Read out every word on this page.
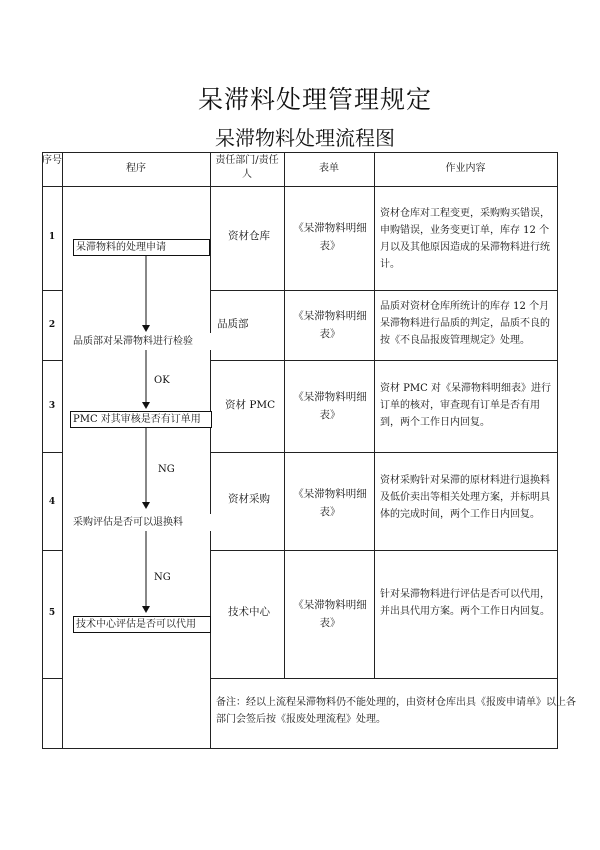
呆滞料处理管理规定
呆滞物料处理流程图
序号
程序
责任部门/责任人
表单	作业内容
1
2
3
4
5
资材仓库
品质部
资材 PMC
资材采购
技术中心
《呆滞物料明细表》
《呆滞物料明细表》
《呆滞物料明细表》
《呆滞物料明细表》
《呆滞物料明细表》
资材仓库对工程变更，采购购买错误，申购错误，业务变更订单，库存 12 个月以及其他原因造成的呆滞物料进行统计。
品质对资材仓库所统计的库存 12 个月呆滞物料进行品质的判定，品质不良的按《不良品报废管理规定》处理。
资材 PMC 对《呆滞物料明细表》进行订单的核对，审查现有订单是否有用到，两个工作日内回复。
资材采购针对呆滞的原材料进行退换料及低价卖出等相关处理方案，并标明具体的完成时间，两个工作日内回复。
针对呆滞物料进行评估是否可以代用，并出具代用方案。两个工作日内回复。
备注：经以上流程呆滞物料仍不能处理的，由资材仓库出具《报废申请单》以上各部门会签后按《报废处理流程》处理。
呆滞物料的处理申请
品质部对呆滞物料进行检验
PMC 对其审核是否有订单用
采购评估是否可以退换料
技术中心评估是否可以代用
OK
NG
NG
